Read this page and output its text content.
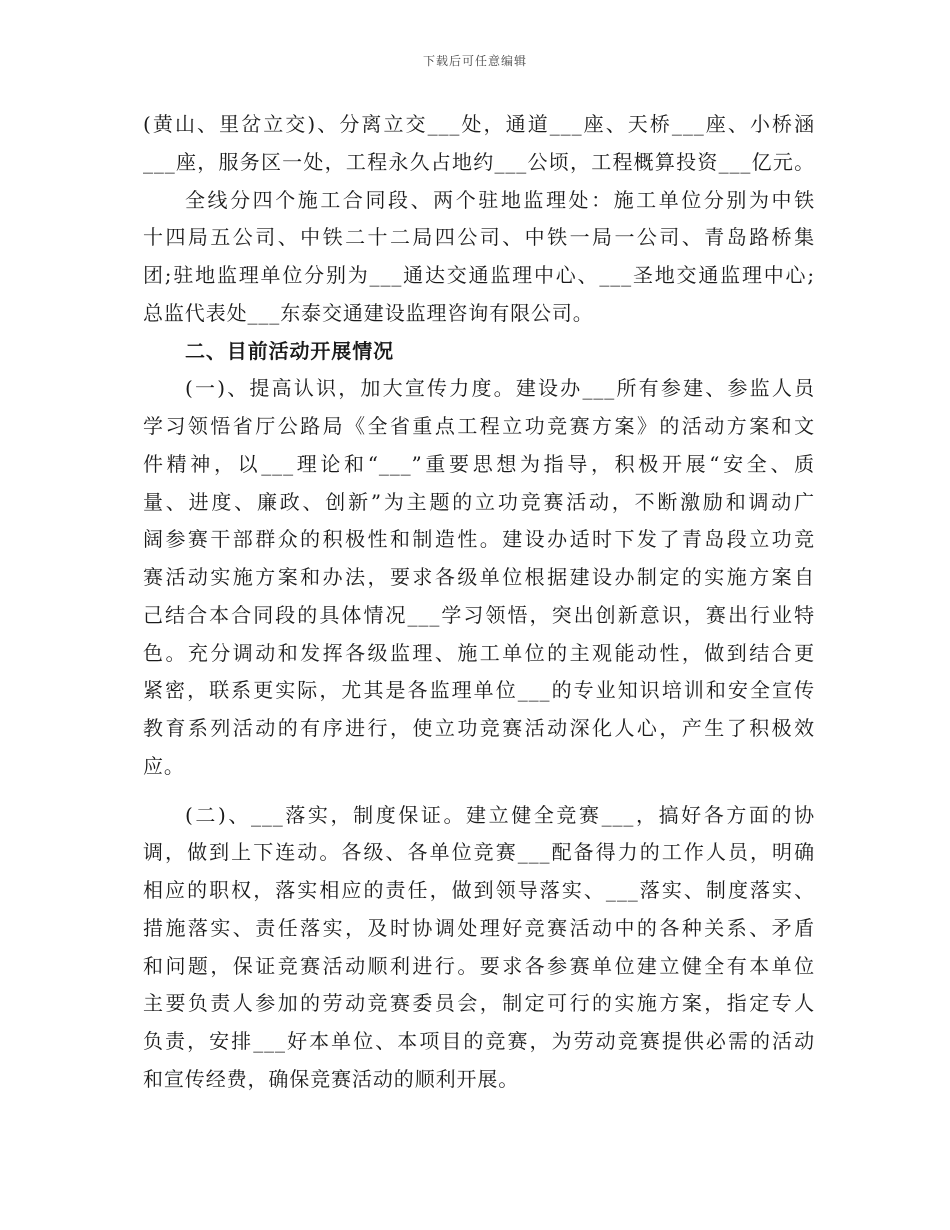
下载后可任意编辑
(黄山、里岔立交)、分离立交___处，通道___座、天桥___座、小桥涵
___座，服务区一处，工程永久占地约___公顷，工程概算投资___亿元。
全线分四个施工合同段、两个驻地监理处：施工单位分别为中铁
十四局五公司、中铁二十二局四公司、中铁一局一公司、青岛路桥集
团;驻地监理单位分别为___通达交通监理中心、___圣地交通监理中心;
总监代表处___东泰交通建设监理咨询有限公司。
二、目前活动开展情况
(一)、提高认识，加大宣传力度。建设办___所有参建、参监人员
学习领悟省厅公路局《全省重点工程立功竞赛方案》的活动方案和文
件精神，以___理论和“___”重要思想为指导，积极开展“安全、质
量、进度、廉政、创新”为主题的立功竞赛活动，不断激励和调动广
阔参赛干部群众的积极性和制造性。建设办适时下发了青岛段立功竞
赛活动实施方案和办法，要求各级单位根据建设办制定的实施方案自
己结合本合同段的具体情况___学习领悟，突出创新意识，赛出行业特
色。充分调动和发挥各级监理、施工单位的主观能动性，做到结合更
紧密，联系更实际，尤其是各监理单位___的专业知识培训和安全宣传
教育系列活动的有序进行，使立功竞赛活动深化人心，产生了积极效
应。
(二)、___落实，制度保证。建立健全竞赛___，搞好各方面的协
调，做到上下连动。各级、各单位竞赛___配备得力的工作人员，明确
相应的职权，落实相应的责任，做到领导落实、___落实、制度落实、
措施落实、责任落实，及时协调处理好竞赛活动中的各种关系、矛盾
和问题，保证竞赛活动顺利进行。要求各参赛单位建立健全有本单位
主要负责人参加的劳动竞赛委员会，制定可行的实施方案，指定专人
负责，安排___好本单位、本项目的竞赛，为劳动竞赛提供必需的活动
和宣传经费，确保竞赛活动的顺利开展。
